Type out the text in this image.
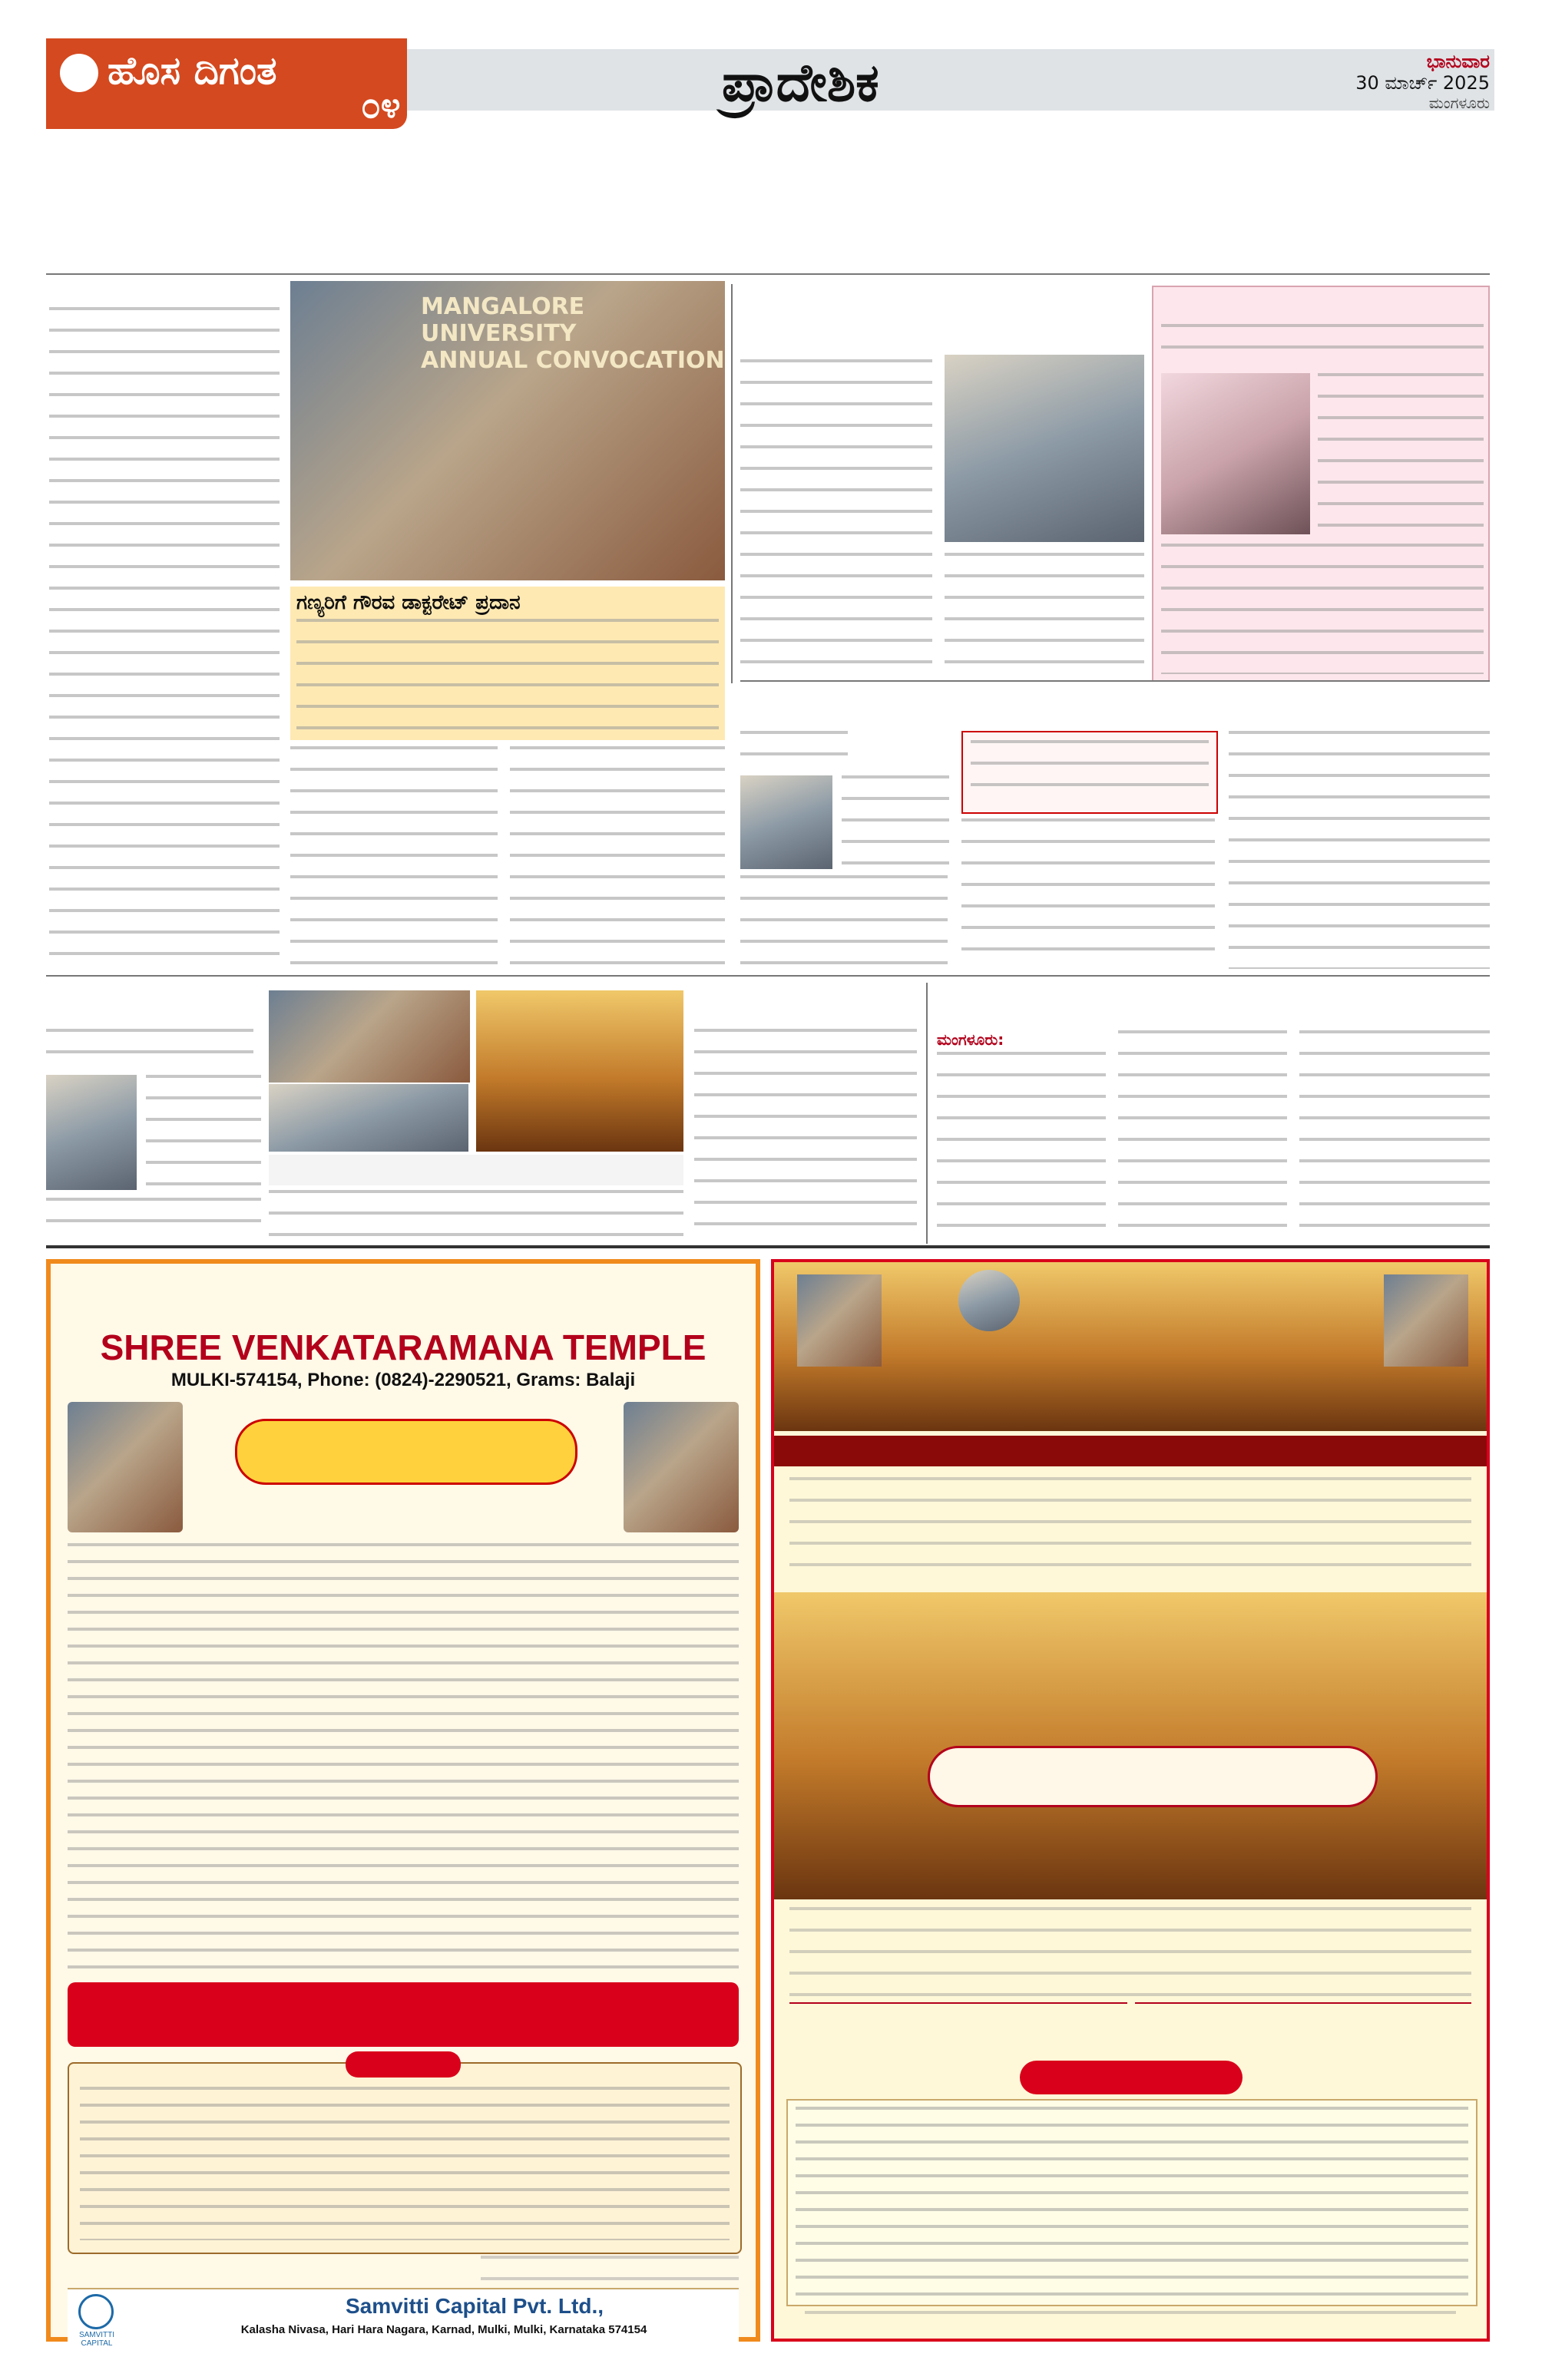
ಹೊಸ ದಿಗಂತ
೦೪	ಪ್ರಾದೇಶಿಕ	ಭಾನುವಾರ
30 ಮಾರ್ಚ್ 2025
ಮಂಗಳೂರು
MANGALORE UNIVERSITY
ANNUAL CONVOCATION
ಗಣ್ಯರಿಗೆ ಗೌರವ ಡಾಕ್ಟರೇಟ್ ಪ್ರದಾನ
ಮಂಗಳೂರು:
SHREE VENKATARAMANA TEMPLE
MULKI-574154, Phone: (0824)-2290521, Grams: Balaji
SAMVITTI CAPITAL
Samvitti Capital Pvt. Ltd.,
Kalasha Nivasa, Hari Hara Nagara, Karnad, Mulki, Mulki, Karnataka 574154
